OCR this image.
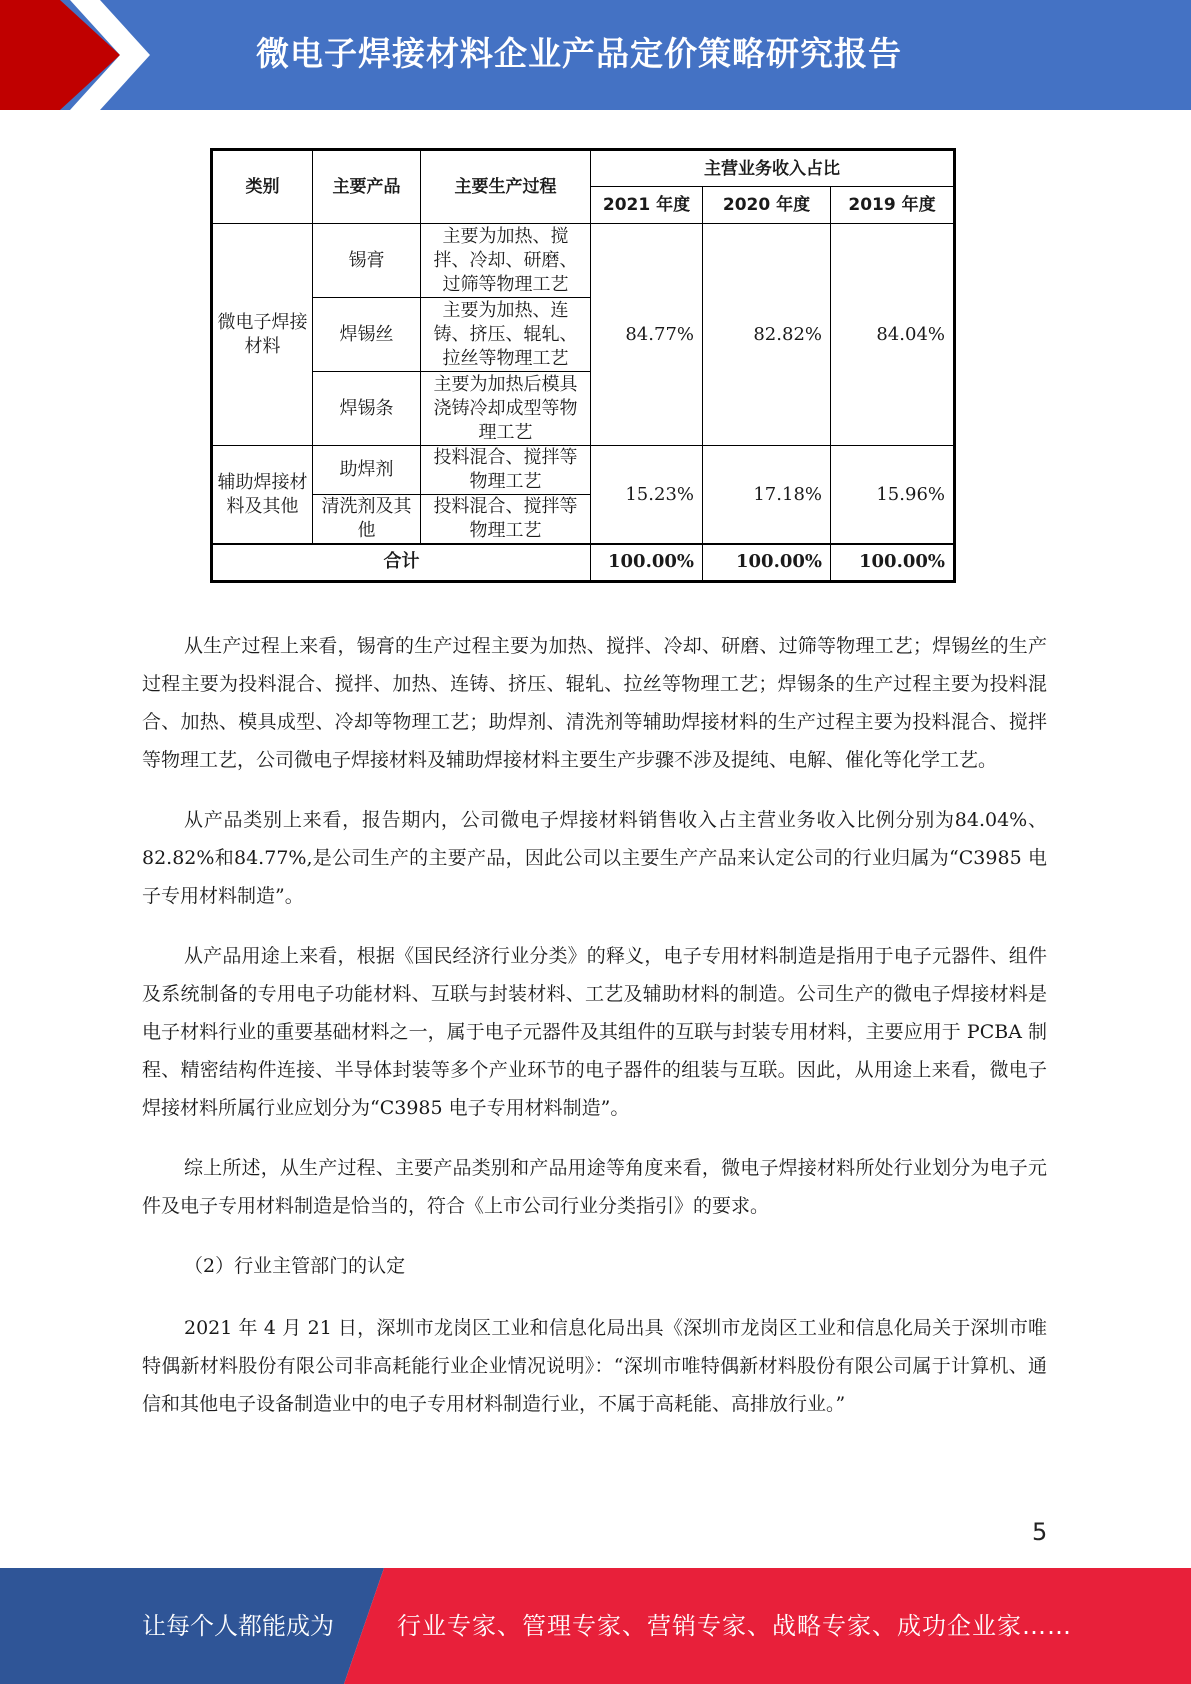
微电子焊接材料企业产品定价策略研究报告
类别	主要产品	主要生产过程	主营业务收入占比		
			2021 年度	2020 年度	2019 年度
微电子焊接材料	锡膏	主要为加热、搅拌、冷却、研磨、过筛等物理工艺	84.77%	82.82%	84.04%
	焊锡丝	主要为加热、连铸、挤压、辊轧、拉丝等物理工艺			
	焊锡条	主要为加热后模具浇铸冷却成型等物理工艺			
辅助焊接材料及其他	助焊剂	投料混合、搅拌等物理工艺	15.23%	17.18%	15.96%
	清洗剂及其他	投料混合、搅拌等物理工艺			
合计			100.00%	100.00%	100.00%

从生产过程上来看，锡膏的生产过程主要为加热、搅拌、冷却、研磨、过筛等物理工艺；焊锡丝的生产过程主要为投料混合、搅拌、加热、连铸、挤压、辊轧、拉丝等物理工艺；焊锡条的生产过程主要为投料混合、加热、模具成型、冷却等物理工艺；助焊剂、清洗剂等辅助焊接材料的生产过程主要为投料混合、搅拌等物理工艺，公司微电子焊接材料及辅助焊接材料主要生产步骤不涉及提纯、电解、催化等化学工艺。

从产品类别上来看，报告期内，公司微电子焊接材料销售收入占主营业务收入比例分别为84.04%、82.82%和84.77%,是公司生产的主要产品，因此公司以主要生产产品来认定公司的行业归属为“C3985 电子专用材料制造”。

从产品用途上来看，根据《国民经济行业分类》的释义，电子专用材料制造是指用于电子元器件、组件及系统制备的专用电子功能材料、互联与封装材料、工艺及辅助材料的制造。公司生产的微电子焊接材料是电子材料行业的重要基础材料之一，属于电子元器件及其组件的互联与封装专用材料，主要应用于 PCBA 制程、精密结构件连接、半导体封装等多个产业环节的电子器件的组装与互联。因此，从用途上来看，微电子焊接材料所属行业应划分为“C3985 电子专用材料制造”。

综上所述，从生产过程、主要产品类别和产品用途等角度来看，微电子焊接材料所处行业划分为电子元件及电子专用材料制造是恰当的，符合《上市公司行业分类指引》的要求。

（2）行业主管部门的认定

2021 年 4 月 21 日，深圳市龙岗区工业和信息化局出具《深圳市龙岗区工业和信息化局关于深圳市唯特偶新材料股份有限公司非高耗能行业企业情况说明》：“深圳市唯特偶新材料股份有限公司属于计算机、通信和其他电子设备制造业中的电子专用材料制造行业，不属于高耗能、高排放行业。”

5
让每个人都能成为	行业专家、管理专家、营销专家、战略专家、成功企业家……
